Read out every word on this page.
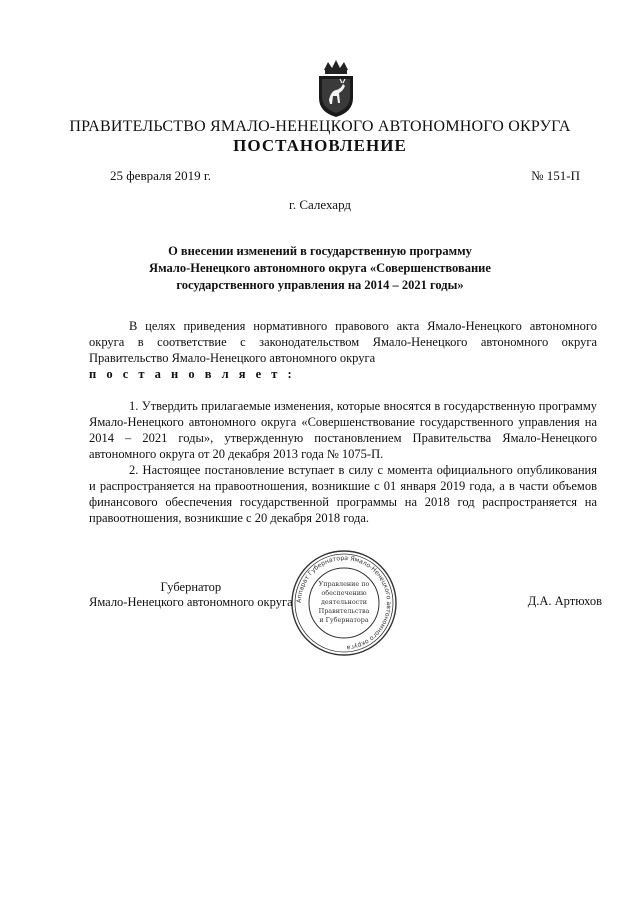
ПРАВИТЕЛЬСТВО ЯМАЛО-НЕНЕЦКОГО АВТОНОМНОГО ОКРУГА
ПОСТАНОВЛЕНИЕ
25 февраля 2019 г.	№ 151-П
г. Салехард
О внесении изменений в государственную программу
Ямало-Ненецкого автономного округа «Совершенствование
государственного управления на 2014 – 2021 годы»

В целях приведения нормативного правового акта Ямало-Ненецкого автономного округа в соответствие с законодательством Ямало-Ненецкого автономного округа Правительство Ямало-Ненецкого автономного округа

п о с т а н о в л я е т :

1. Утвердить прилагаемые изменения, которые вносятся в государственную программу Ямало-Ненецкого автономного округа «Совершенствование государственного управления на 2014 – 2021 годы», утвержденную постановлением Правительства Ямало-Ненецкого автономного округа от 20 декабря 2013 года № 1075-П.

2. Настоящее постановление вступает в силу с момента официального опубликования и распространяется на правоотношения, возникшие с 01 января 2019 года, а в части объемов финансового обеспечения государственной программы на 2018 год распространяется на правоотношения, возникшие с 20 декабря 2018 года.

Губернатор
Ямало-Ненецкого автономного округа	Д.А. Артюхов
Аппарат Губернатора Ямало-Ненецкого автономного округа
Управление по
обеспечению
деятельности
Правительства
и Губернатора
